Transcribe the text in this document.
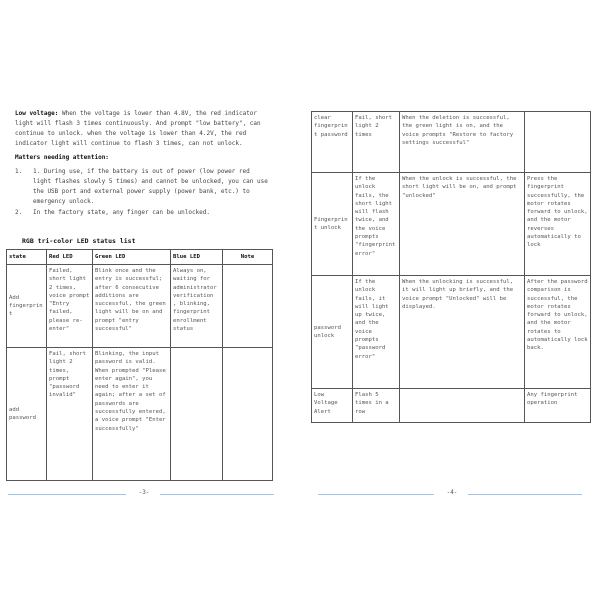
Low voltage: When the voltage is lower than 4.8V, the red indicator light will flash 3 times continuously. And prompt "low battery", can continue to unlock. when the voltage is lower than 4.2V, the red indicator light will continue to flash 3 times, can not unlock.
Matters needing attention:
1.	1. During use, if the battery is out of power (low power red light flashes slowly 5 times) and cannot be unlocked, you can use the USB port and external power supply (power bank, etc.) to emergency unlock.
2.	In the factory state, any finger can be unlocked.
RGB tri-color LED status list
state	Red LED	Green LED	Blue LED	Note
Add fingerprint	Failed, short light 2 times, voice prompt "Entry failed, please re-enter"	Blink once and the entry is successful; after 6 consecutive additions are successful, the green light will be on and prompt "entry successful"	Always on, waiting for administrator verification , blinking, fingerprint enrollment status	
add password	Fail, short light 2 times, prompt "password invalid"	Blinking, the input password is valid. When prompted "Please enter again", you need to enter it again; after a set of passwords are successfully entered, a voice prompt "Enter successfully"		
-3-
clear fingerprint password	Fail, short light 2 times	When the deletion is successful, the green light is on, and the voice prompts "Restore to factory settings successful"		
Fingerprint unlock	If the unlock fails, the short light will flash twice, and the voice prompts "fingerprint error"	When the unlock is successful, the short light will be on, and prompt "unlocked"		Press the fingerprint successfully, the motor rotates forward to unlock, and the motor reverses automatically to lock
password unlock	If the unlock fails, it will light up twice, and the voice prompts "password error"	When the unlocking is successful, it will light up briefly, and the voice prompt "Unlocked" will be displayed.		After the password comparison is successful, the motor rotates forward to unlock, and the motor rotates to automatically lock back.
Low Voltage Alert	Flash 5 times in a row			Any fingerprint operation
-4-
